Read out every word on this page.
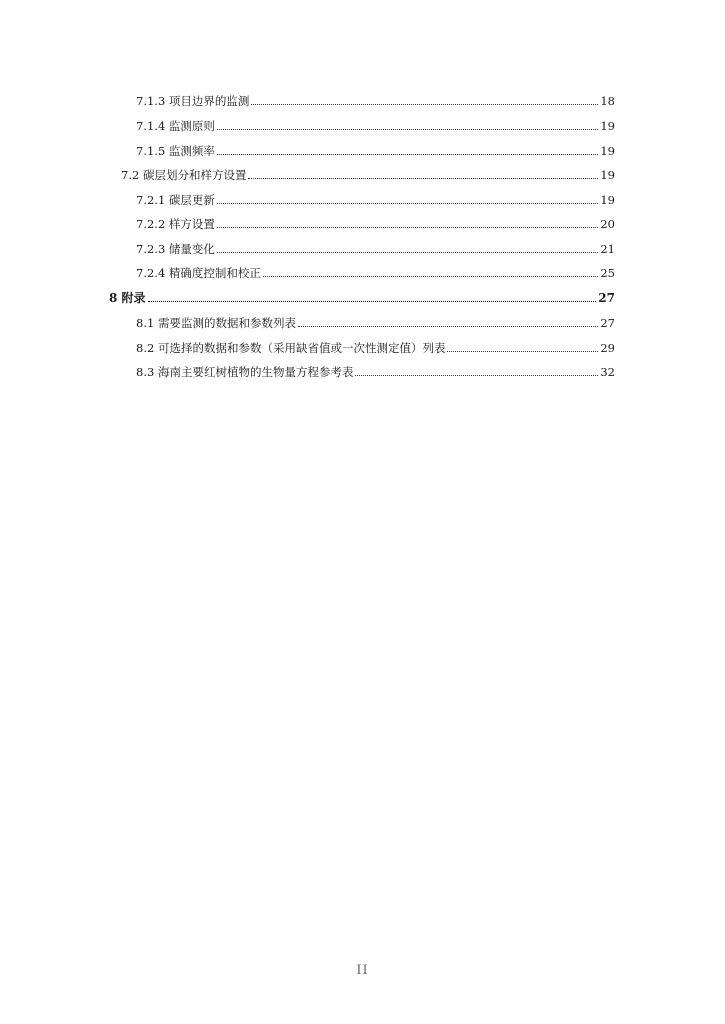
7.1.3 项目边界的监测	18
7.1.4 监测原则	19
7.1.5 监测频率	19
7.2 碳层划分和样方设置	19
7.2.1 碳层更新	19
7.2.2 样方设置	20
7.2.3 储量变化	21
7.2.4 精确度控制和校正	25
8 附录	27
8.1 需要监测的数据和参数列表	27
8.2 可选择的数据和参数（采用缺省值或一次性测定值）列表	29
8.3 海南主要红树植物的生物量方程参考表	32
II
